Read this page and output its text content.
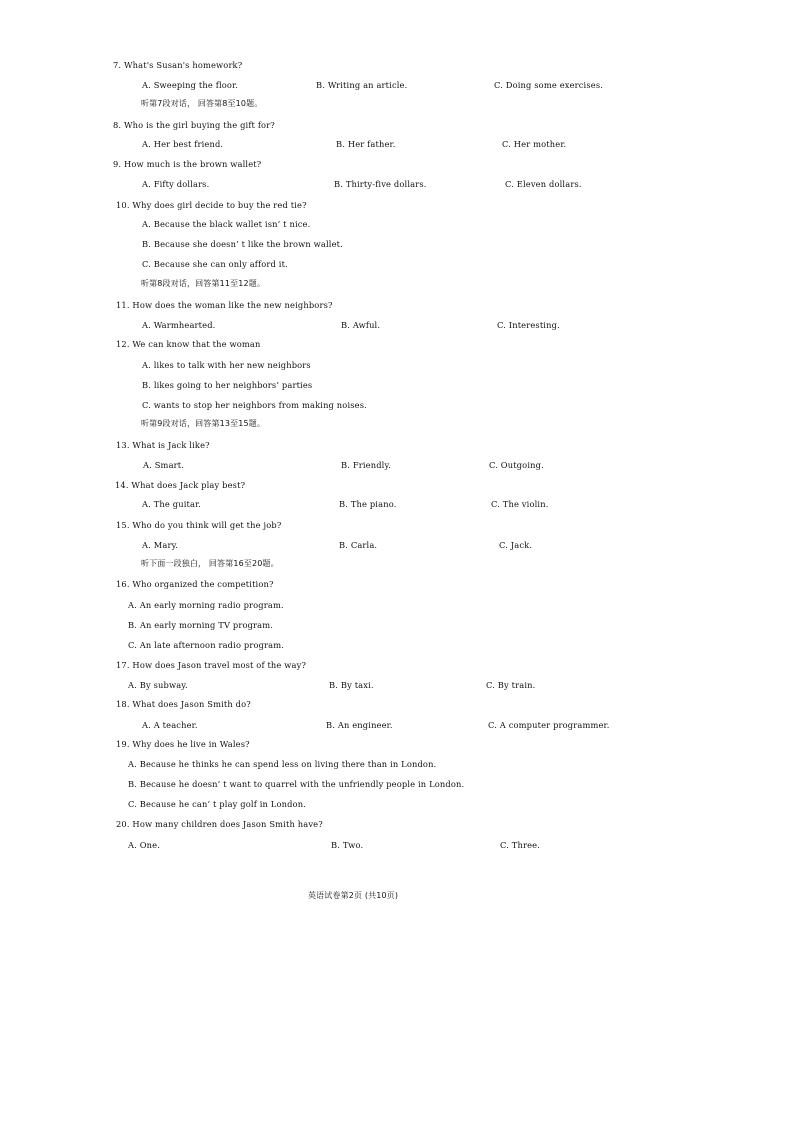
7. What's Susan's homework?
A. Sweeping the floor.	B. Writing an article.	C. Doing some exercises.
听第7段对话， 回答第8至10题。
8. Who is the girl buying the gift for?
A. Her best friend.	B. Her father.	C. Her mother.
9. How much is the brown wallet?
A. Fifty dollars.	B. Thirty-five dollars.	C. Eleven dollars.
10. Why does girl decide to buy the red tie?
A. Because the black wallet isn’ t nice.
B. Because she doesn’ t like the brown wallet.
C. Because she can only afford it.
听第8段对话，回答第11至12题。
11. How does the woman like the new neighbors?
A. Warmhearted.	B. Awful.	C. Interesting.
12. We can know that the woman
A. likes to talk with her new neighbors
B. likes going to her neighbors’ parties
C. wants to stop her neighbors from making noises.
听第9段对话，回答第13至15题。
13. What is Jack like?
A. Smart.	B. Friendly.	C. Outgoing.
14. What does Jack play best?
A. The guitar.	B. The piano.	C. The violin.
15. Who do you think will get the job?
A. Mary.	B. Carla.	C. Jack.
听下面一段独白， 回答第16至20题。
16. Who organized the competition?
A. An early morning radio program.
B. An early morning TV program.
C. An late afternoon radio program.
17. How does Jason travel most of the way?
A. By subway.	B. By taxi.	C. By train.
18. What does Jason Smith do?
A. A teacher.	B. An engineer.	C. A computer programmer.
19. Why does he live in Wales?
A. Because he thinks he can spend less on living there than in London.
B. Because he doesn’ t want to quarrel with the unfriendly people in London.
C. Because he can’ t play golf in London.
20. How many children does Jason Smith have?
A. One.	B. Two.	C. Three.
英语试卷第2页 (共10页)
